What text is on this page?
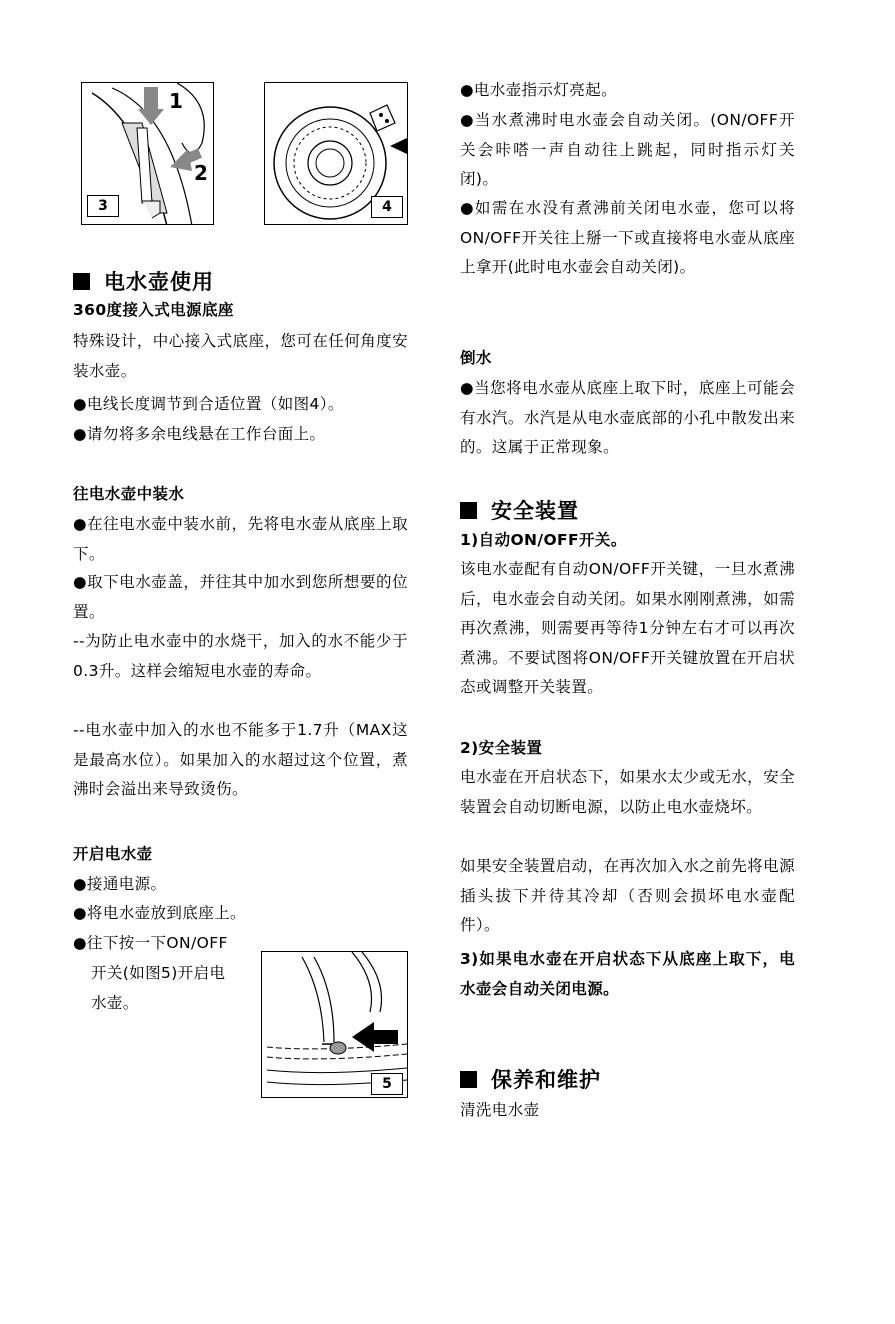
1
2
3	4
电水壶使用

360度接入式电源底座

特殊设计，中心接入式底座，您可在任何角度安装水壶。

●电线长度调节到合适位置（如图4）。

●请勿将多余电线悬在工作台面上。

往电水壶中装水

●在往电水壶中装水前，先将电水壶从底座上取下。

●取下电水壶盖，并往其中加水到您所想要的位置。

--为防止电水壶中的水烧干，加入的水不能少于0.3升。这样会缩短电水壶的寿命。

--电水壶中加入的水也不能多于1.7升（MAX这是最高水位）。如果加入的水超过这个位置，煮沸时会溢出来导致烫伤。

开启电水壶

●接通电源。

●将电水壶放到底座上。

●往下按一下ON/OFF

开关(如图5)开启电

水壶。

5

●电水壶指示灯亮起。

●当水煮沸时电水壶会自动关闭。(ON/OFF开关会咔嗒一声自动往上跳起，同时指示灯关闭)。

●如需在水没有煮沸前关闭电水壶，您可以将ON/OFF开关往上掰一下或直接将电水壶从底座上拿开(此时电水壶会自动关闭)。

倒水

●当您将电水壶从底座上取下时，底座上可能会有水汽。水汽是从电水壶底部的小孔中散发出来的。这属于正常现象。

安全装置

1)自动ON/OFF开关。

该电水壶配有自动ON/OFF开关键，一旦水煮沸后，电水壶会自动关闭。如果水刚刚煮沸，如需再次煮沸，则需要再等待1分钟左右才可以再次煮沸。不要试图将ON/OFF开关键放置在开启状态或调整开关装置。

2)安全装置

电水壶在开启状态下，如果水太少或无水，安全装置会自动切断电源，以防止电水壶烧坏。

如果安全装置启动，在再次加入水之前先将电源插头拔下并待其冷却（否则会损坏电水壶配件）。

3)如果电水壶在开启状态下从底座上取下，电水壶会自动关闭电源。

保养和维护

清洗电水壶
